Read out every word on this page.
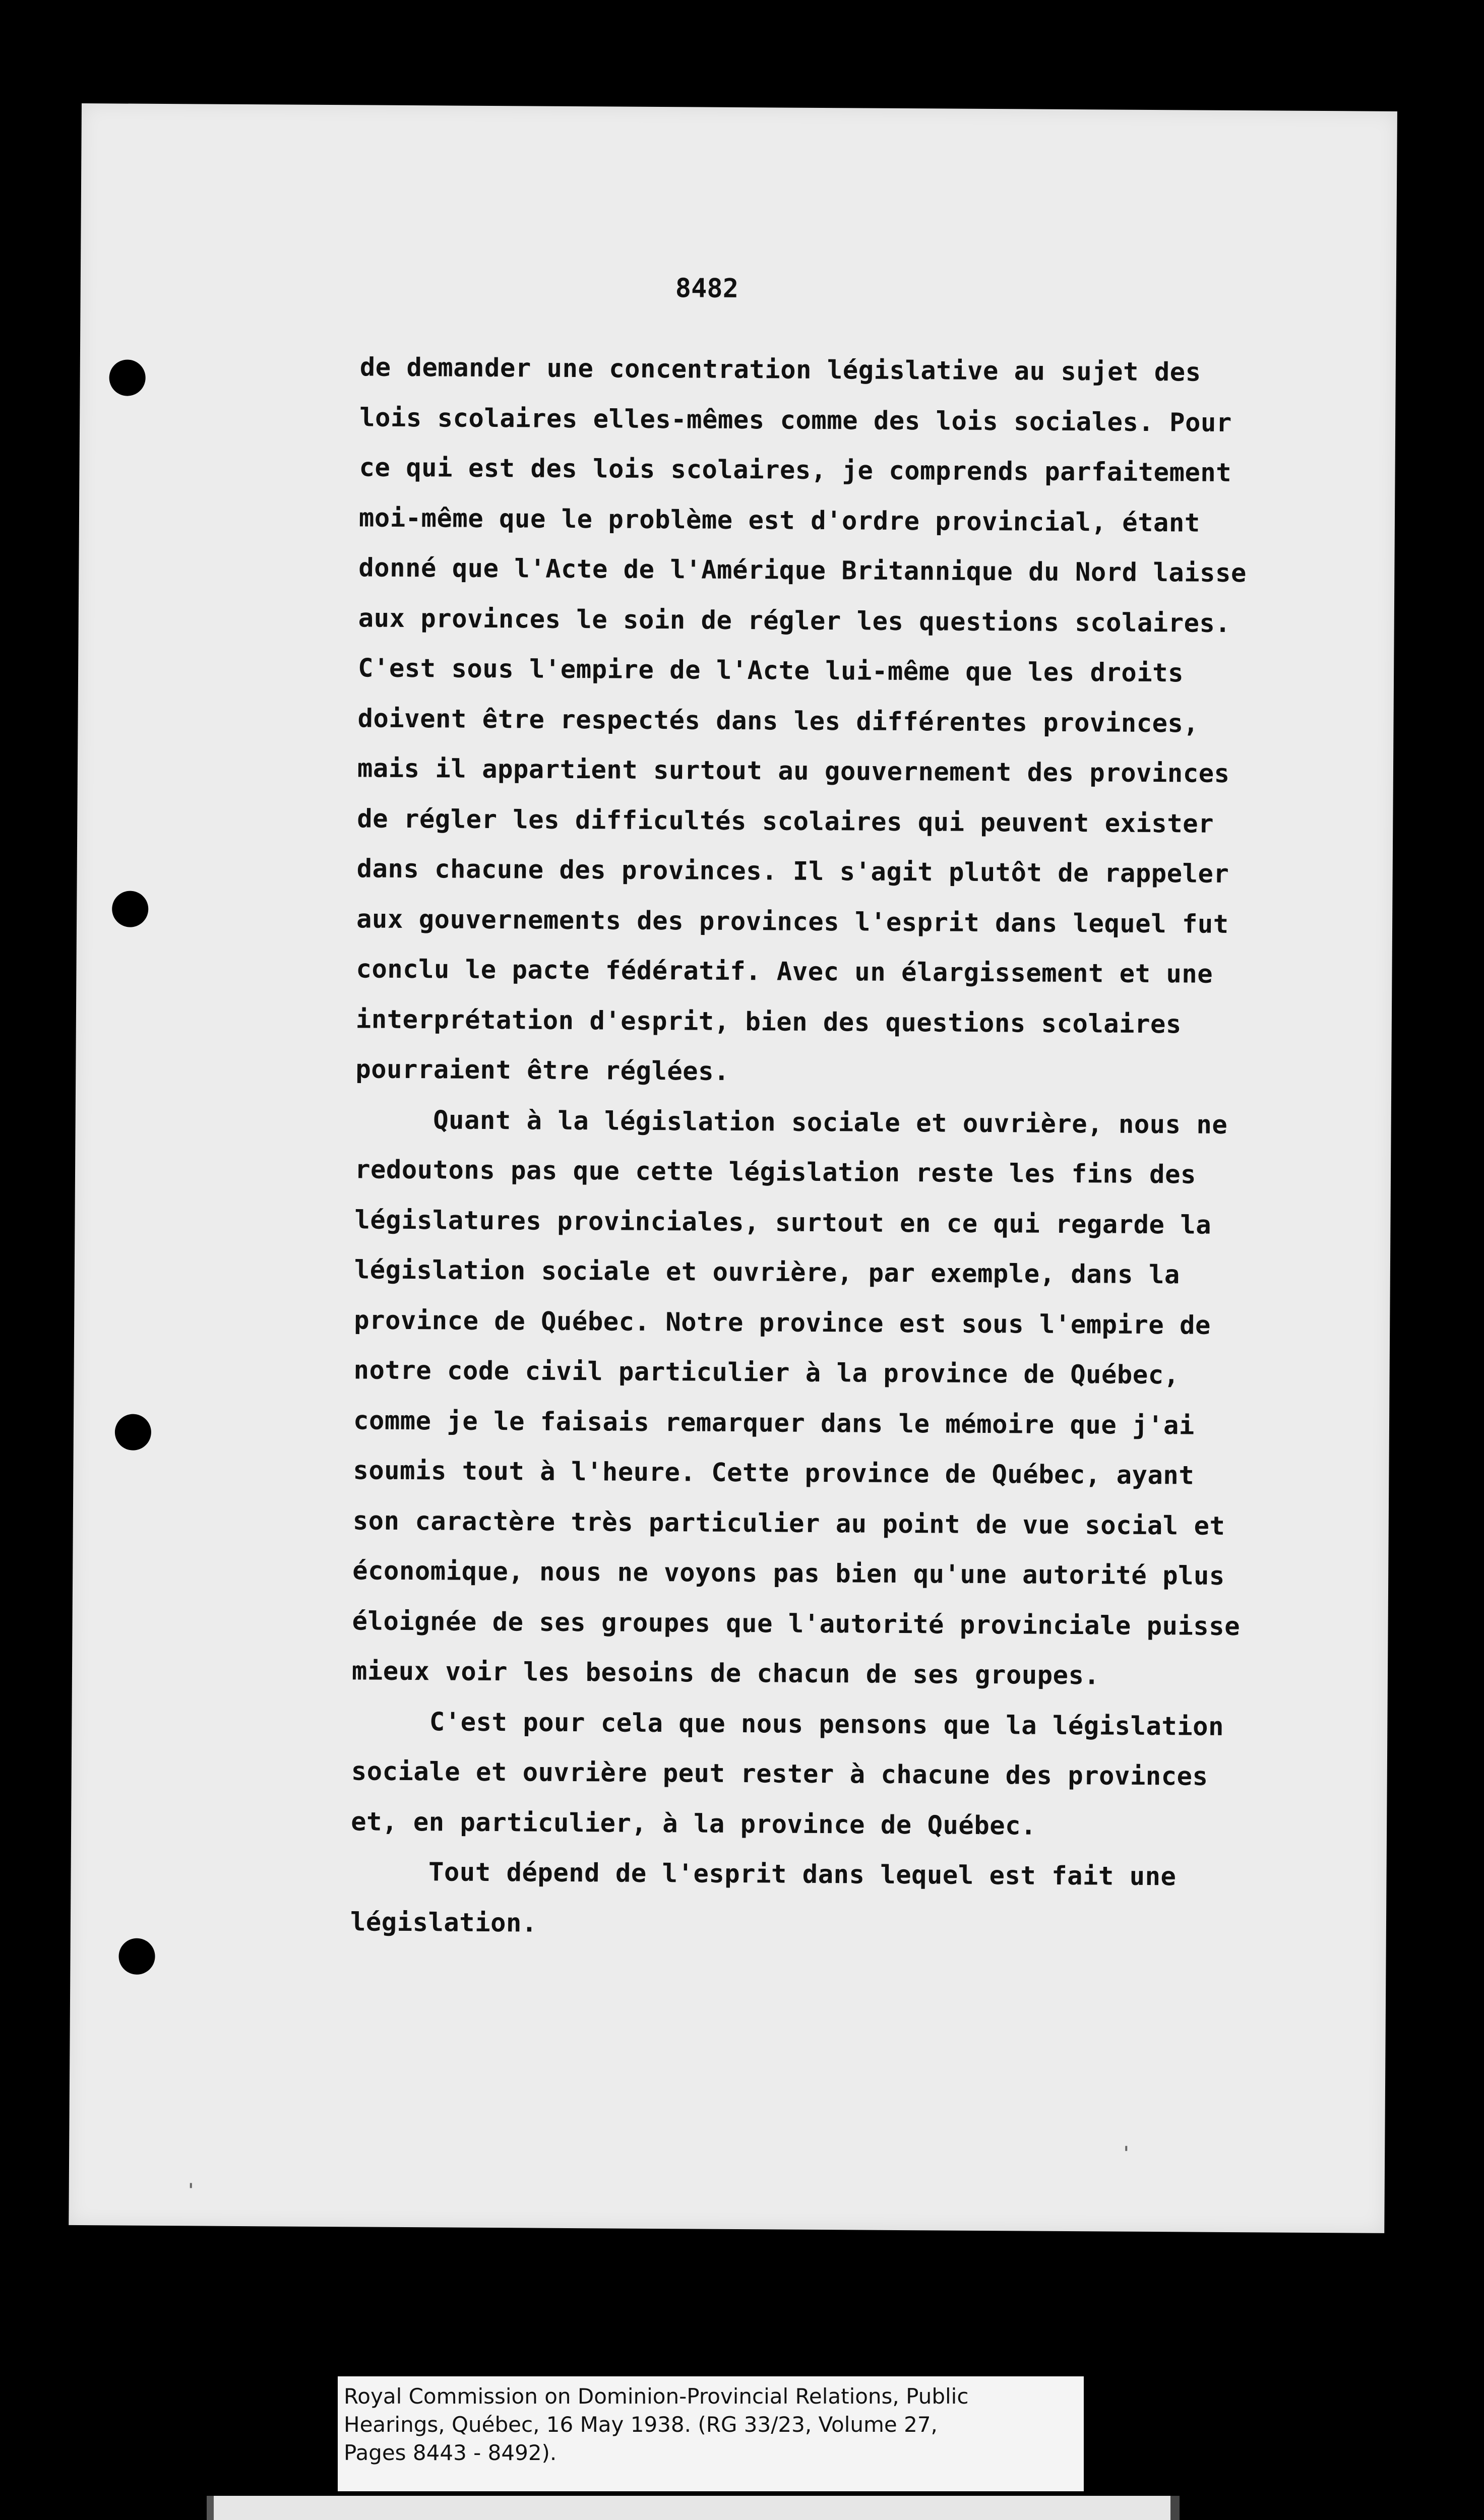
8482
de demander une concentration législative au sujet des
lois scolaires elles-mêmes comme des lois sociales. Pour
ce qui est des lois scolaires, je comprends parfaitement
moi-même que le problème est d'ordre provincial, étant
donné que l'Acte de l'Amérique Britannique du Nord laisse
aux provinces le soin de régler les questions scolaires.
C'est sous l'empire de l'Acte lui-même que les droits
doivent être respectés dans les différentes provinces,
mais il appartient surtout au gouvernement des provinces
de régler les difficultés scolaires qui peuvent exister
dans chacune des provinces. Il s'agit plutôt de rappeler
aux gouvernements des provinces l'esprit dans lequel fut
conclu le pacte fédératif. Avec un élargissement et une
interprétation d'esprit, bien des questions scolaires
pourraient être réglées.
Quant à la législation sociale et ouvrière, nous ne
redoutons pas que cette législation reste les fins des
législatures provinciales, surtout en ce qui regarde la
législation sociale et ouvrière, par exemple, dans la
province de Québec. Notre province est sous l'empire de
notre code civil particulier à la province de Québec,
comme je le faisais remarquer dans le mémoire que j'ai
soumis tout à l'heure. Cette province de Québec, ayant
son caractère très particulier au point de vue social et
économique, nous ne voyons pas bien qu'une autorité plus
éloignée de ses groupes que l'autorité provinciale puisse
mieux voir les besoins de chacun de ses groupes.
C'est pour cela que nous pensons que la législation
sociale et ouvrière peut rester à chacune des provinces
et, en particulier, à la province de Québec.
Tout dépend de l'esprit dans lequel est fait une
législation.
Royal Commission on Dominion-Provincial Relations, Public
Hearings, Québec, 16 May 1938. (RG 33/23, Volume 27,
Pages 8443 - 8492).
